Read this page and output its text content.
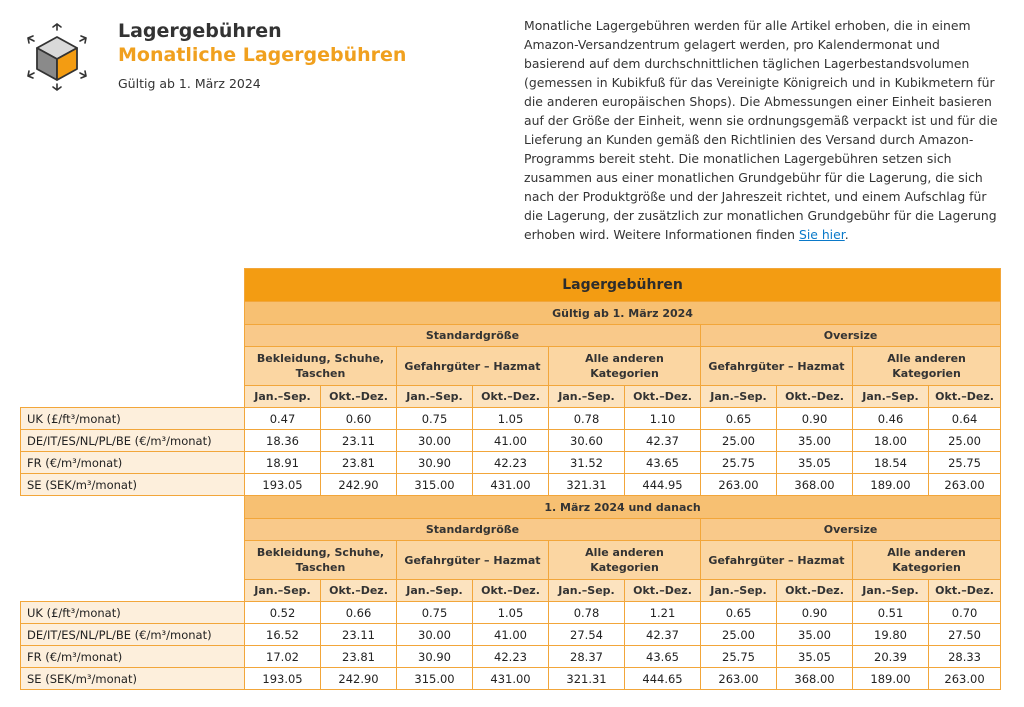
Lagergebühren
Monatliche Lagergebühren
Gültig ab 1. März 2024

Monatliche Lagergebühren werden für alle Artikel erhoben, die in einem Amazon-Versandzentrum gelagert werden, pro Kalendermonat und basierend auf dem durchschnittlichen täglichen Lagerbestandsvolumen (gemessen in Kubikfuß für das Vereinigte Königreich und in Kubikmetern für die anderen europäischen Shops). Die Abmessungen einer Einheit basieren auf der Größe der Einheit, wenn sie ordnungsgemäß verpackt ist und für die Lieferung an Kunden gemäß den Richtlinien des Versand durch Amazon-Programms bereit steht. Die monatlichen Lagergebühren setzen sich zusammen aus einer monatlichen Grundgebühr für die Lagerung, die sich nach der Produktgröße und der Jahreszeit richtet, und einem Aufschlag für die Lagerung, der zusätzlich zur monatlichen Grundgebühr für die Lagerung erhoben wird. Weitere Informationen finden Sie hier.

	Lagergebühren									
	Gültig ab 1. März 2024									
	Standardgröße						Oversize			
	Bekleidung, Schuhe, Taschen		Gefahrgüter – Hazmat		Alle anderen Kategorien		Gefahrgüter – Hazmat		Alle anderen Kategorien	
	Jan.–Sep.	Okt.–Dez.	Jan.–Sep.	Okt.–Dez.	Jan.–Sep.	Okt.–Dez.	Jan.–Sep.	Okt.–Dez.	Jan.–Sep.	Okt.–Dez.
UK (£/ft³/monat)	0.47	0.60	0.75	1.05	0.78	1.10	0.65	0.90	0.46	0.64
DE/IT/ES/NL/PL/BE (€/m³/monat)	18.36	23.11	30.00	41.00	30.60	42.37	25.00	35.00	18.00	25.00
FR (€/m³/monat)	18.91	23.81	30.90	42.23	31.52	43.65	25.75	35.05	18.54	25.75
SE (SEK/m³/monat)	193.05	242.90	315.00	431.00	321.31	444.95	263.00	368.00	189.00	263.00
	1. März 2024 und danach									
	Standardgröße						Oversize			
	Bekleidung, Schuhe, Taschen		Gefahrgüter – Hazmat		Alle anderen Kategorien		Gefahrgüter – Hazmat		Alle anderen Kategorien	
	Jan.–Sep.	Okt.–Dez.	Jan.–Sep.	Okt.–Dez.	Jan.–Sep.	Okt.–Dez.	Jan.–Sep.	Okt.–Dez.	Jan.–Sep.	Okt.–Dez.
UK (£/ft³/monat)	0.52	0.66	0.75	1.05	0.78	1.21	0.65	0.90	0.51	0.70
DE/IT/ES/NL/PL/BE (€/m³/monat)	16.52	23.11	30.00	41.00	27.54	42.37	25.00	35.00	19.80	27.50
FR (€/m³/monat)	17.02	23.81	30.90	42.23	28.37	43.65	25.75	35.05	20.39	28.33
SE (SEK/m³/monat)	193.05	242.90	315.00	431.00	321.31	444.65	263.00	368.00	189.00	263.00
